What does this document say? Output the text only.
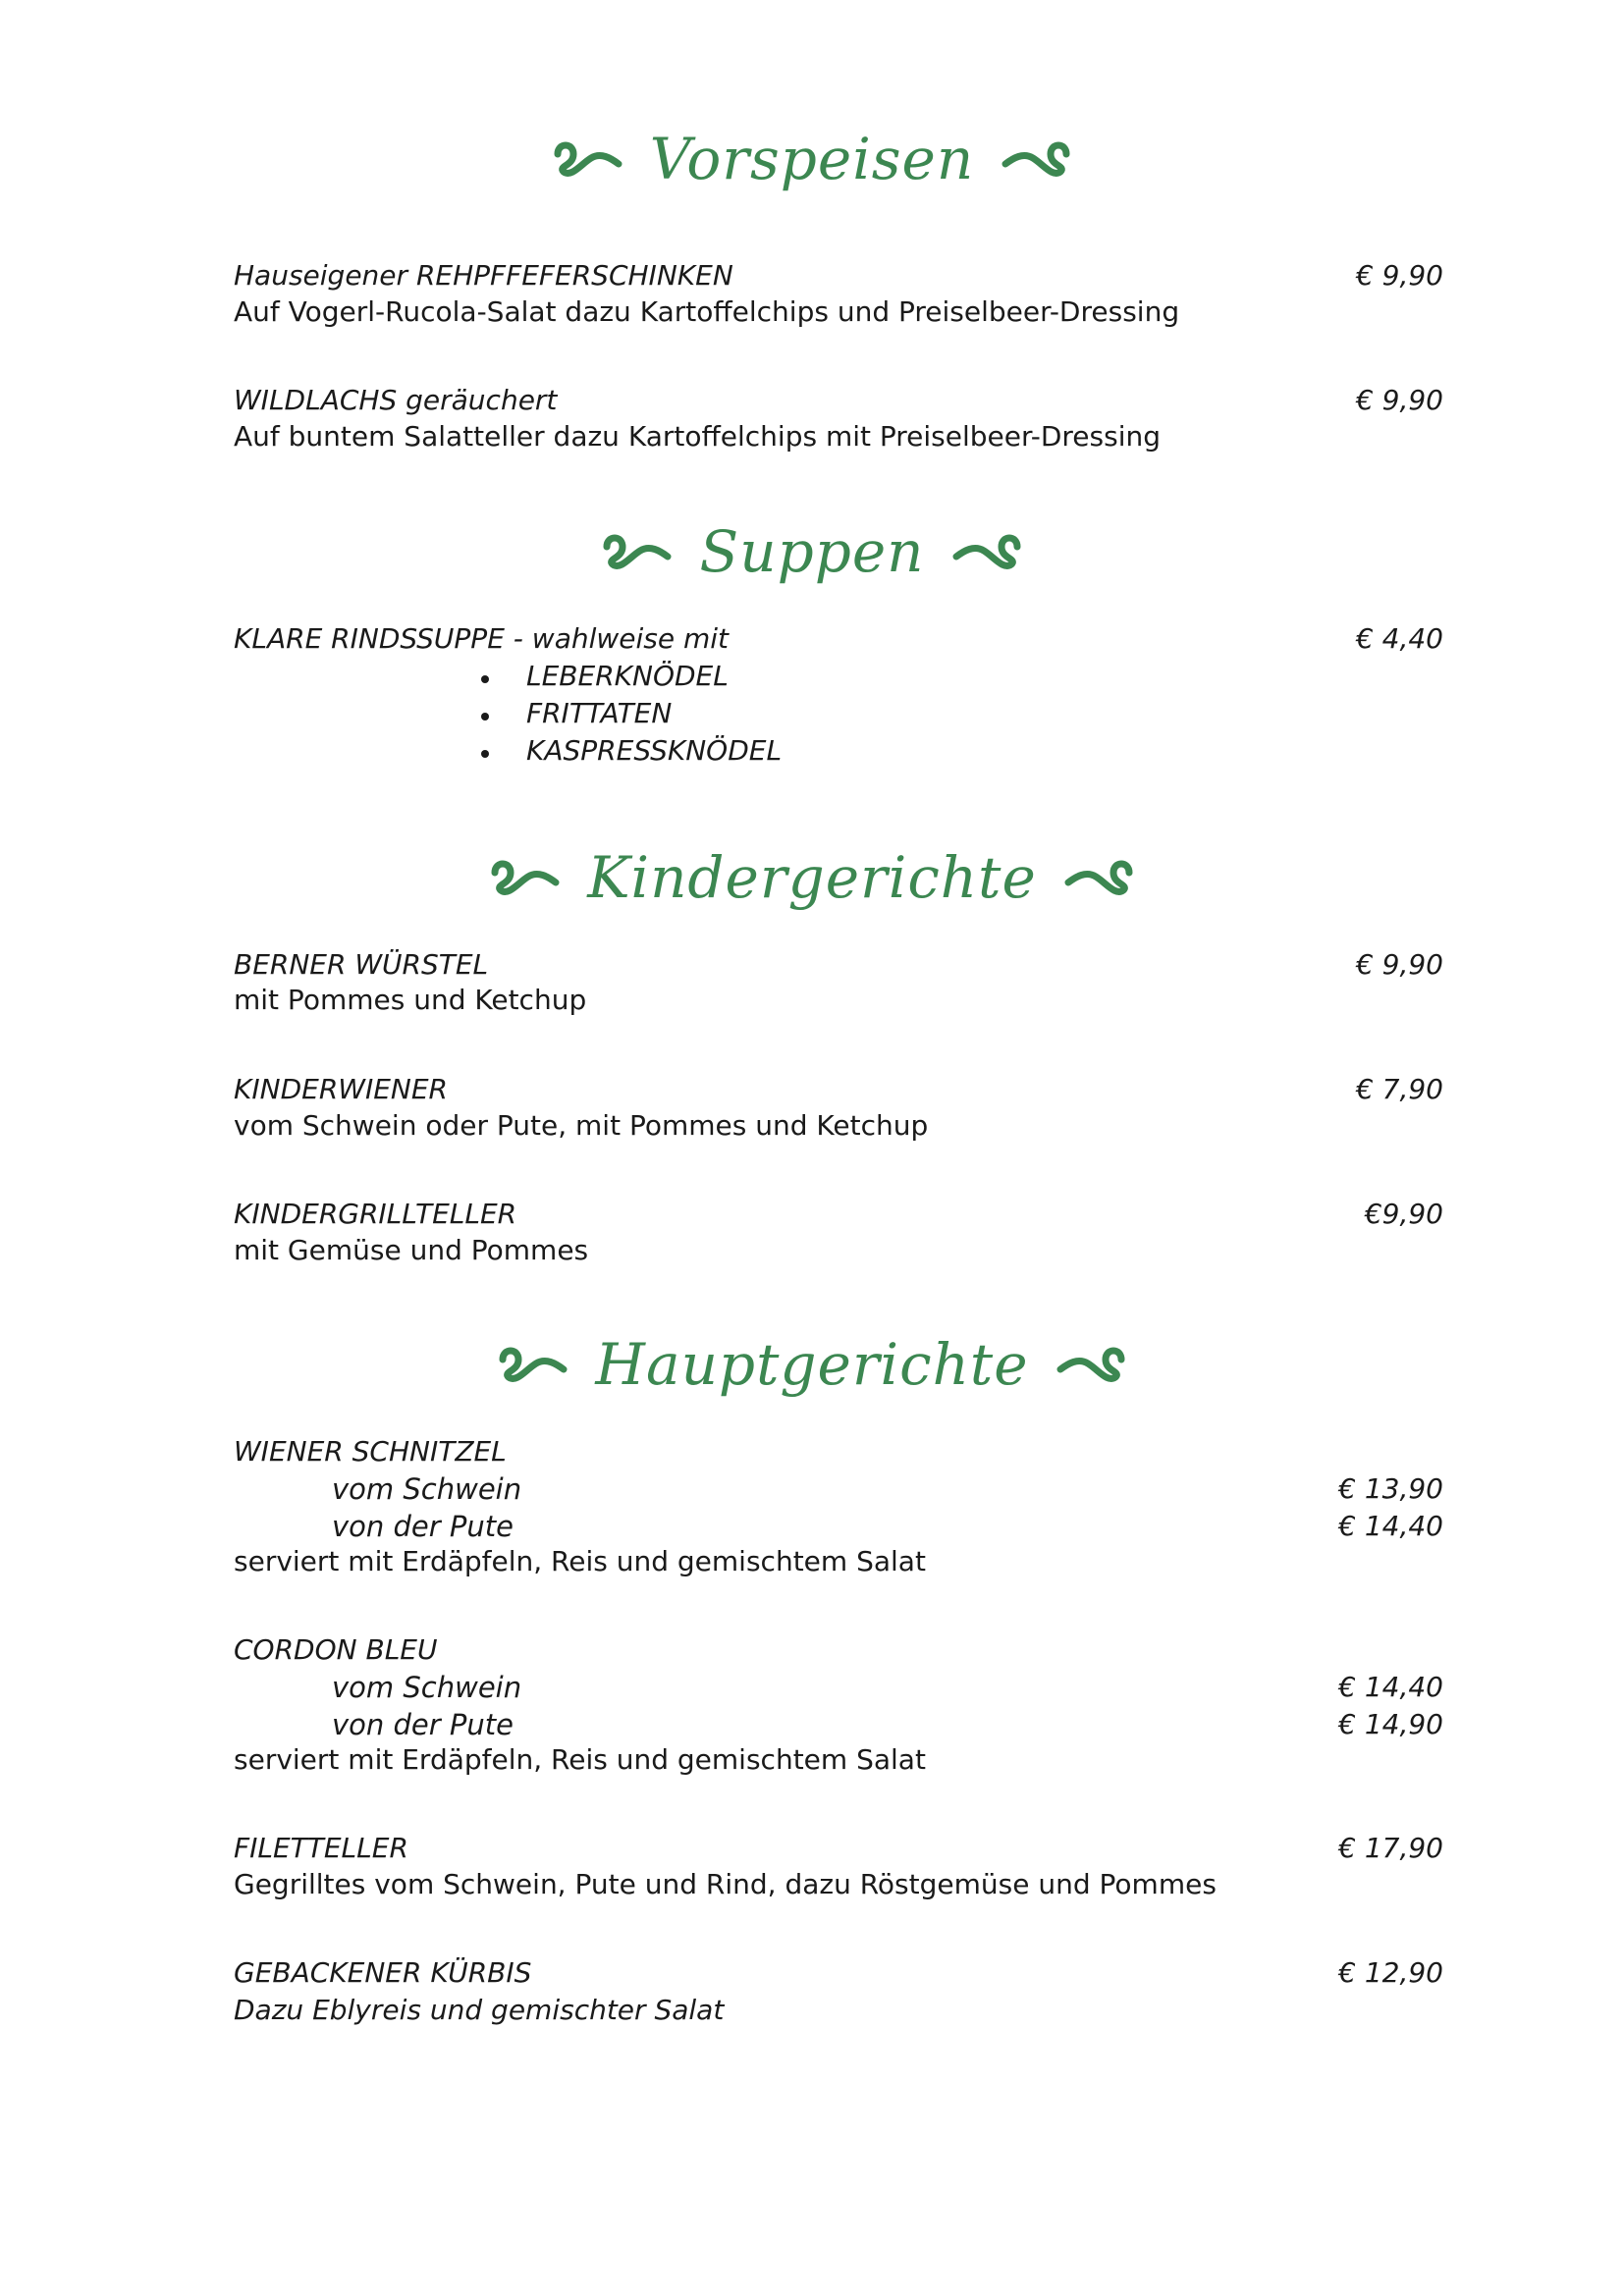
Vorspeisen
Hauseigener REHPFFEFERSCHINKEN	€ 9,90
Auf Vogerl-Rucola-Salat dazu Kartoffelchips und Preiselbeer-Dressing
WILDLACHS geräuchert	€ 9,90
Auf buntem Salatteller dazu Kartoffelchips mit Preiselbeer-Dressing
Suppen
KLARE RINDSSUPPE - wahlweise mit	€ 4,40
LEBERKNÖDEL
FRITTATEN
KASPRESSKNÖDEL
Kindergerichte
BERNER WÜRSTEL	€ 9,90
mit Pommes und Ketchup
KINDERWIENER	€ 7,90
vom Schwein oder Pute, mit Pommes und Ketchup
KINDERGRILLTELLER	€9,90
mit Gemüse und Pommes
Hauptgerichte
WIENER SCHNITZEL
vom Schwein	€ 13,90
von der Pute	€ 14,40
serviert mit Erdäpfeln, Reis und gemischtem Salat
CORDON BLEU
vom Schwein	€ 14,40
von der Pute	€ 14,90
serviert mit Erdäpfeln, Reis und gemischtem Salat
FILETTELLER	€ 17,90
Gegrilltes vom Schwein, Pute und Rind, dazu Röstgemüse und Pommes
GEBACKENER KÜRBIS	€ 12,90
Dazu Eblyreis und gemischter Salat
